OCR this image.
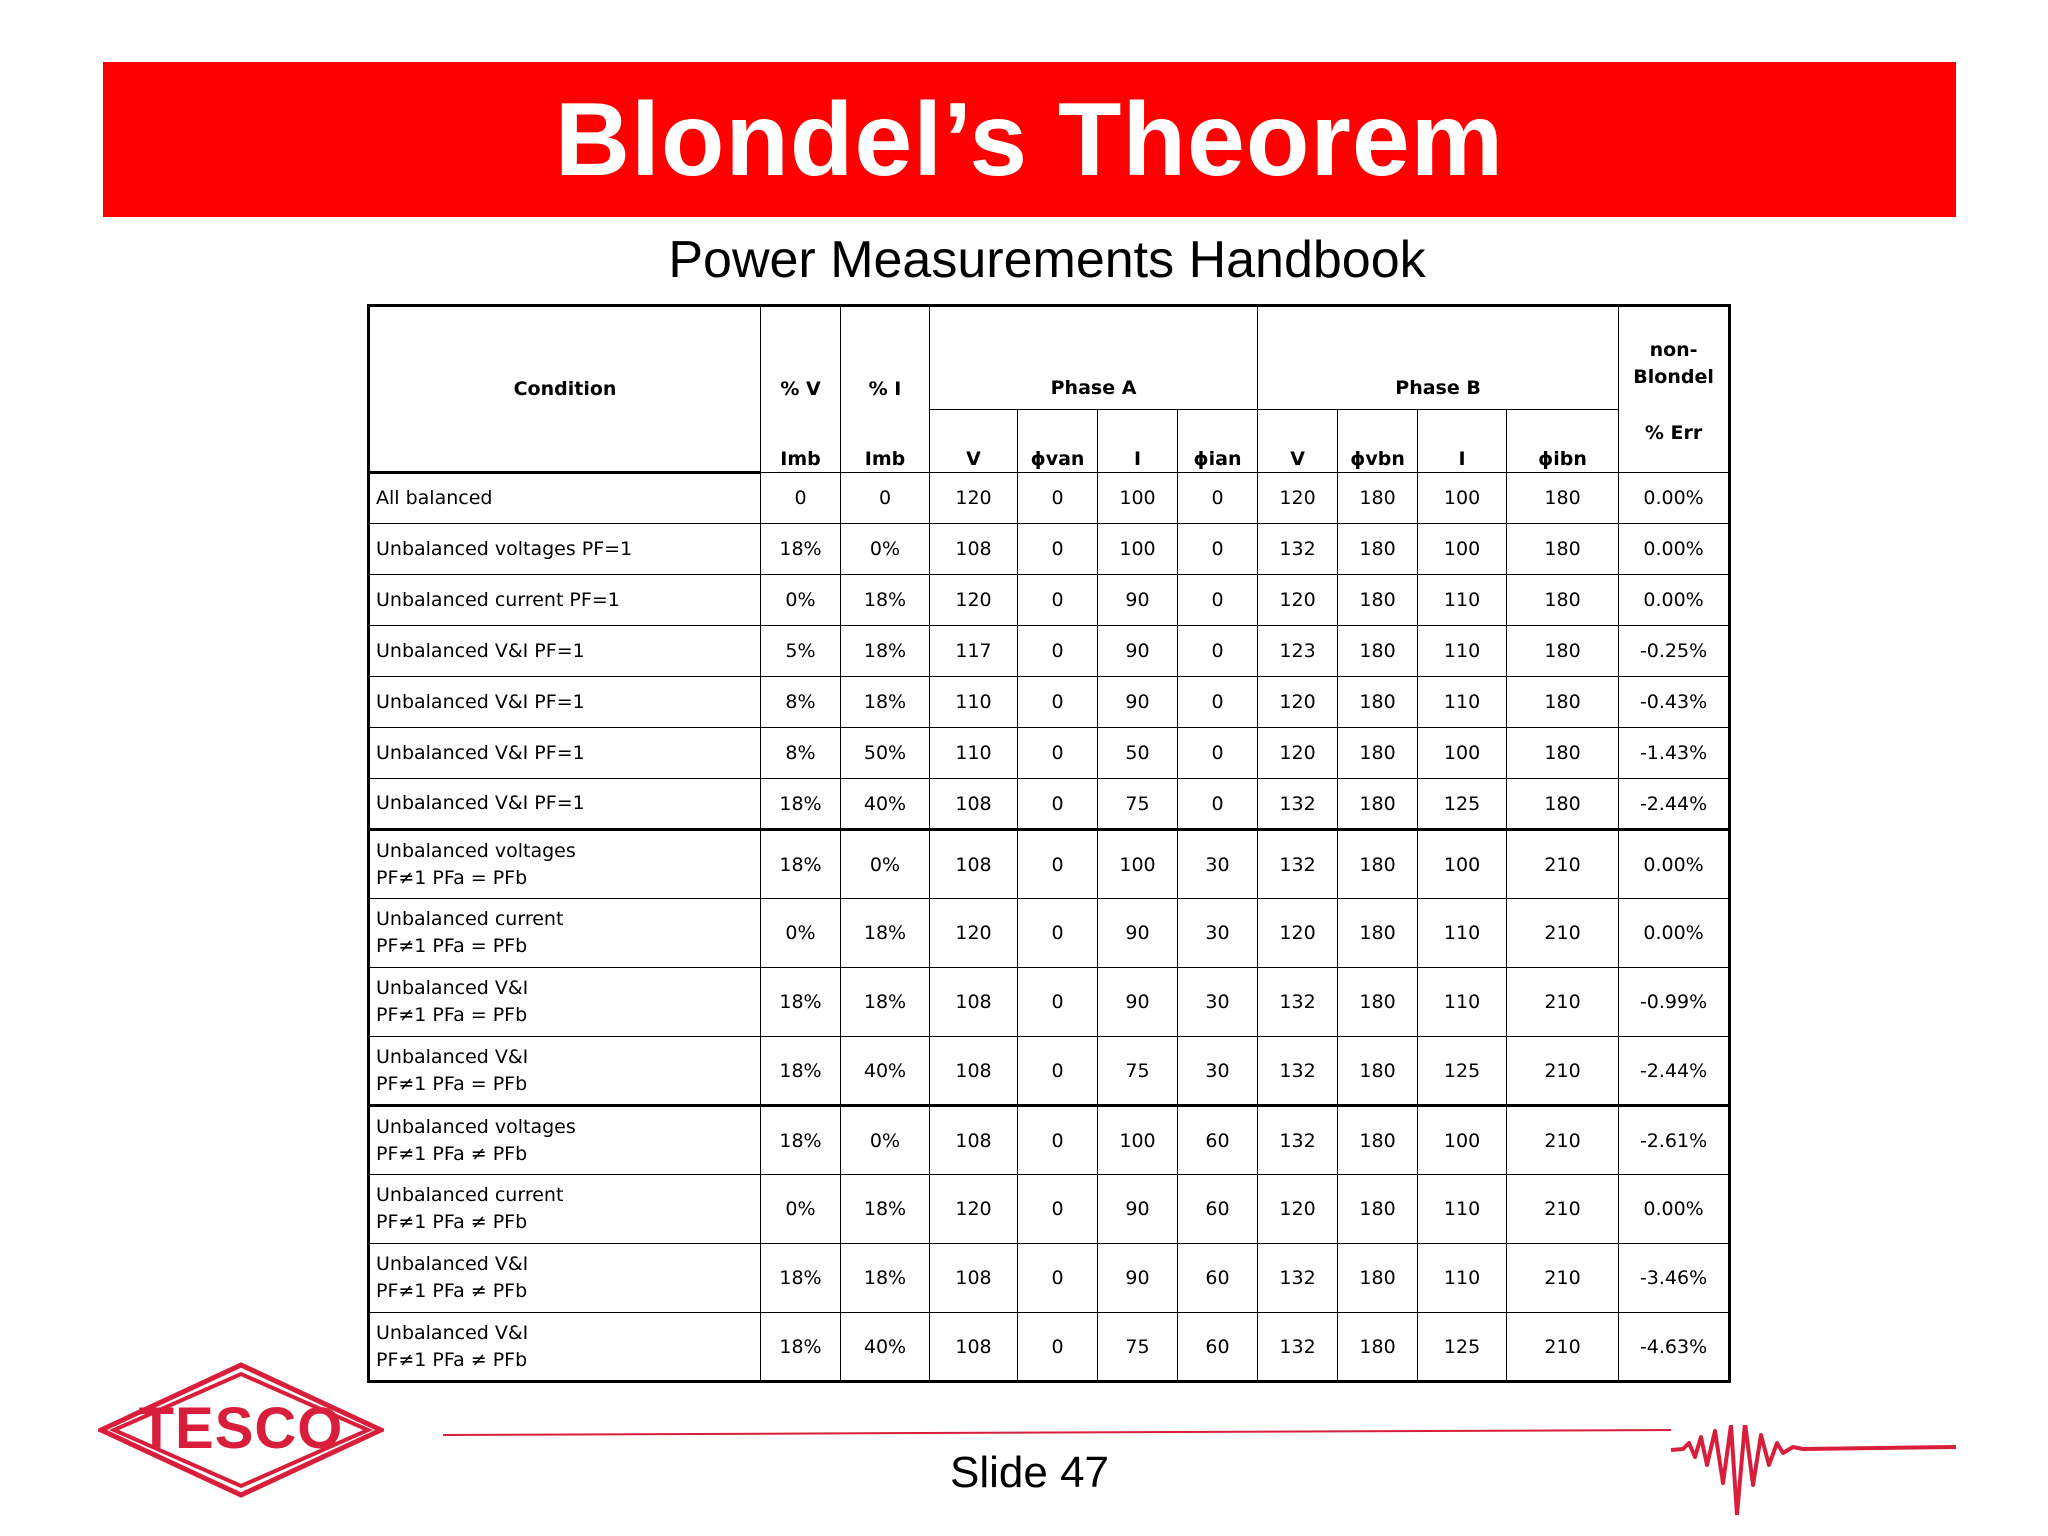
Blondel’s Theorem
Power Measurements Handbook
Condition	% V	% I	Phase A				Phase B				non-
Blondel
	Imb	Imb	V	ϕvan	I	ϕian	V	ϕvbn	I	ϕibn	% Err
All balanced	0	0	120	0	100	0	120	180	100	180	0.00%
Unbalanced voltages PF=1	18%	0%	108	0	100	0	132	180	100	180	0.00%
Unbalanced current PF=1	0%	18%	120	0	90	0	120	180	110	180	0.00%
Unbalanced V&I PF=1	5%	18%	117	0	90	0	123	180	110	180	-0.25%
Unbalanced V&I PF=1	8%	18%	110	0	90	0	120	180	110	180	-0.43%
Unbalanced V&I PF=1	8%	50%	110	0	50	0	120	180	100	180	-1.43%
Unbalanced V&I PF=1	18%	40%	108	0	75	0	132	180	125	180	-2.44%
Unbalanced voltages
PF≠1 PFa = PFb	18%	0%	108	0	100	30	132	180	100	210	0.00%
Unbalanced current
PF≠1 PFa = PFb	0%	18%	120	0	90	30	120	180	110	210	0.00%
Unbalanced V&I
PF≠1 PFa = PFb	18%	18%	108	0	90	30	132	180	110	210	-0.99%
Unbalanced V&I
PF≠1 PFa = PFb	18%	40%	108	0	75	30	132	180	125	210	-2.44%
Unbalanced voltages
PF≠1 PFa ≠ PFb	18%	0%	108	0	100	60	132	180	100	210	-2.61%
Unbalanced current
PF≠1 PFa ≠ PFb	0%	18%	120	0	90	60	120	180	110	210	0.00%
Unbalanced V&I
PF≠1 PFa ≠ PFb	18%	18%	108	0	90	60	132	180	110	210	-3.46%
Unbalanced V&I
PF≠1 PFa ≠ PFb	18%	40%	108	0	75	60	132	180	125	210	-4.63%
TESCO
Slide 47
